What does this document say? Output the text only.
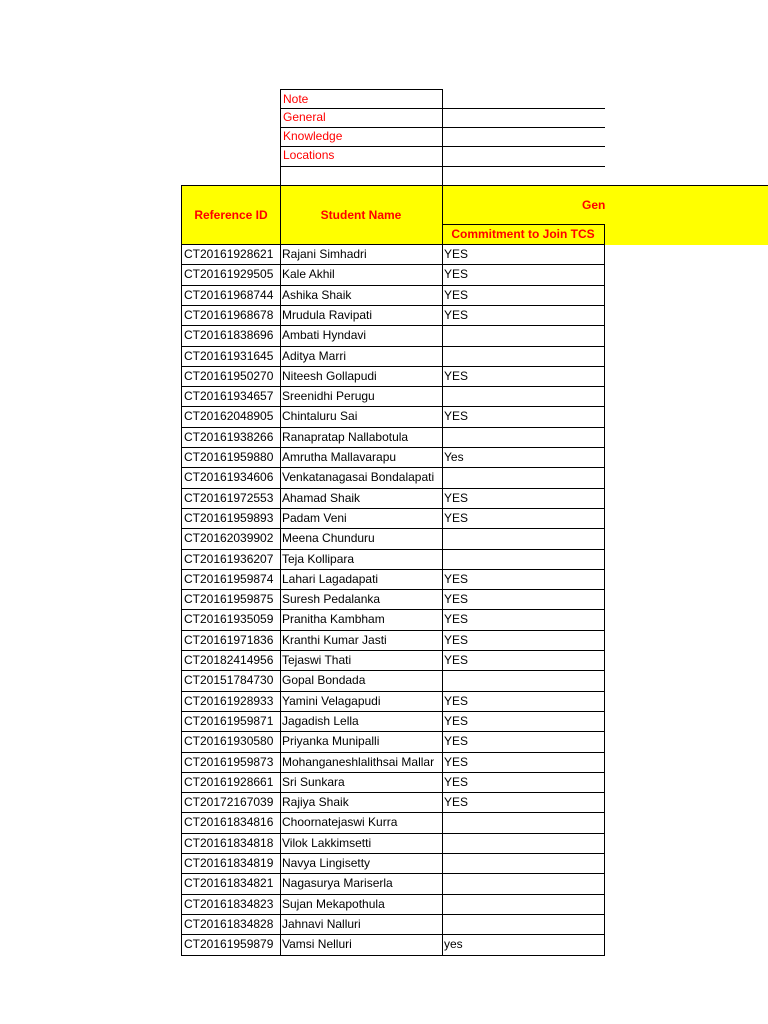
Note
General
Knowledge
Locations
Reference ID	Student Name
Gen
Commitment to Join TCS
CT20161928621 Rajani Simhadri	YES
CT20161929505 Kale Akhil	YES
CT20161968744 Ashika Shaik	YES
CT20161968678 Mrudula Ravipati	YES
CT20161838696 Ambati Hyndavi
CT20161931645 Aditya Marri
CT20161950270 Niteesh Gollapudi	YES
CT20161934657 Sreenidhi Perugu
CT20162048905 Chintaluru Sai	YES
CT20161938266 Ranapratap Nallabotula
CT20161959880 Amrutha Mallavarapu	Yes
CT20161934606 Venkatanagasai Bondalapati
CT20161972553 Ahamad Shaik	YES
CT20161959893 Padam Veni	YES
CT20162039902 Meena Chunduru
CT20161936207 Teja Kollipara
CT20161959874 Lahari Lagadapati	YES
CT20161959875 Suresh Pedalanka	YES
CT20161935059 Pranitha Kambham	YES
CT20161971836 Kranthi Kumar Jasti	YES
CT20182414956 Tejaswi Thati	YES
CT20151784730 Gopal Bondada
CT20161928933 Yamini Velagapudi	YES
CT20161959871 Jagadish Lella	YES
CT20161930580 Priyanka Munipalli	YES
CT20161959873 Mohanganeshlalithsai Mallar YES
CT20161928661 Sri Sunkara	YES
CT20172167039 Rajiya Shaik	YES
CT20161834816 Choornatejaswi Kurra
CT20161834818 Vilok Lakkimsetti
CT20161834819 Navya Lingisetty
CT20161834821 Nagasurya Mariserla
CT20161834823 Sujan Mekapothula
CT20161834828 Jahnavi Nalluri
CT20161959879 Vamsi Nelluri	yes
